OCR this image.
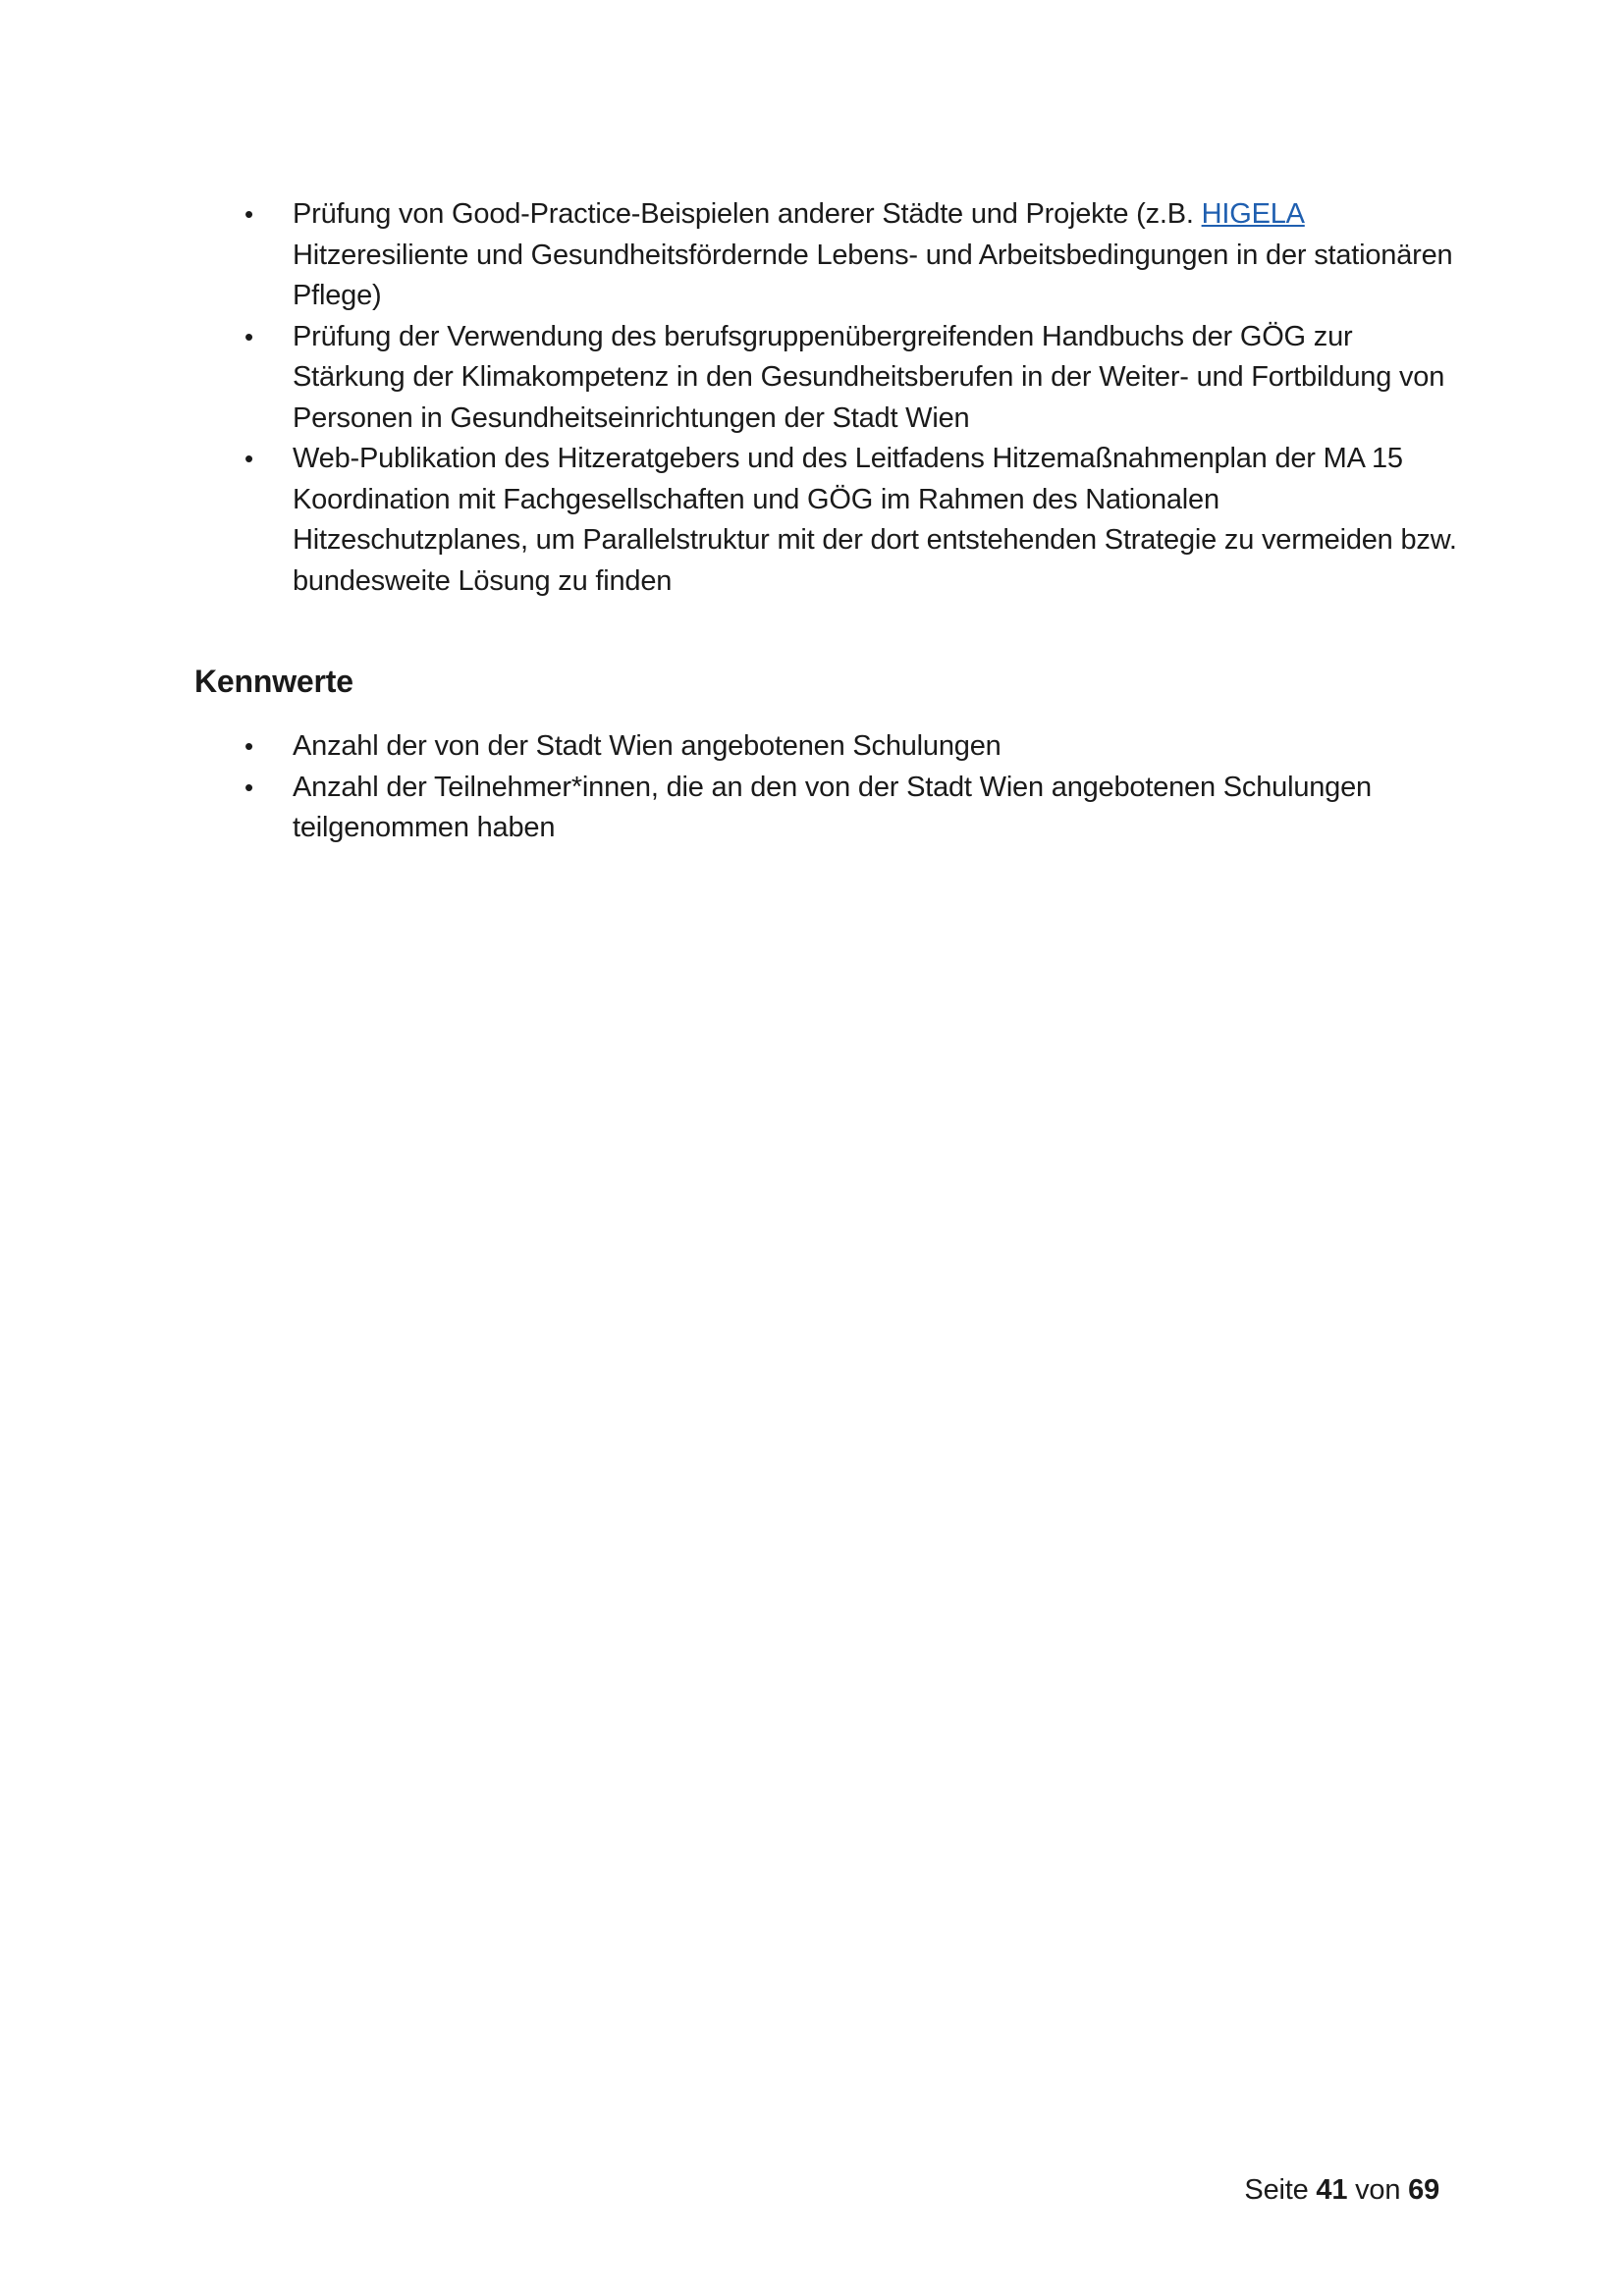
• Prüfung von Good-Practice-Beispielen anderer Städte und Projekte (z.B. HIGELA
Hitzeresiliente und Gesundheitsfördernde Lebens- und Arbeitsbedingungen in der stationären Pflege)
• Prüfung der Verwendung des berufsgruppenübergreifenden Handbuchs der GÖG zur Stärkung der Klimakompetenz in den Gesundheitsberufen in der Weiter- und Fortbildung von Personen in Gesundheitseinrichtungen der Stadt Wien
• Web-Publikation des Hitzeratgebers und des Leitfadens Hitzemaßnahmenplan der MA 15 Koordination mit Fachgesellschaften und GÖG im Rahmen des Nationalen Hitzeschutzplanes, um Parallelstruktur mit der dort entstehenden Strategie zu vermeiden bzw. bundesweite Lösung zu finden
Kennwerte
• Anzahl der von der Stadt Wien angebotenen Schulungen
• Anzahl der Teilnehmer*innen, die an den von der Stadt Wien angebotenen Schulungen teilgenommen haben
Seite 41 von 69
